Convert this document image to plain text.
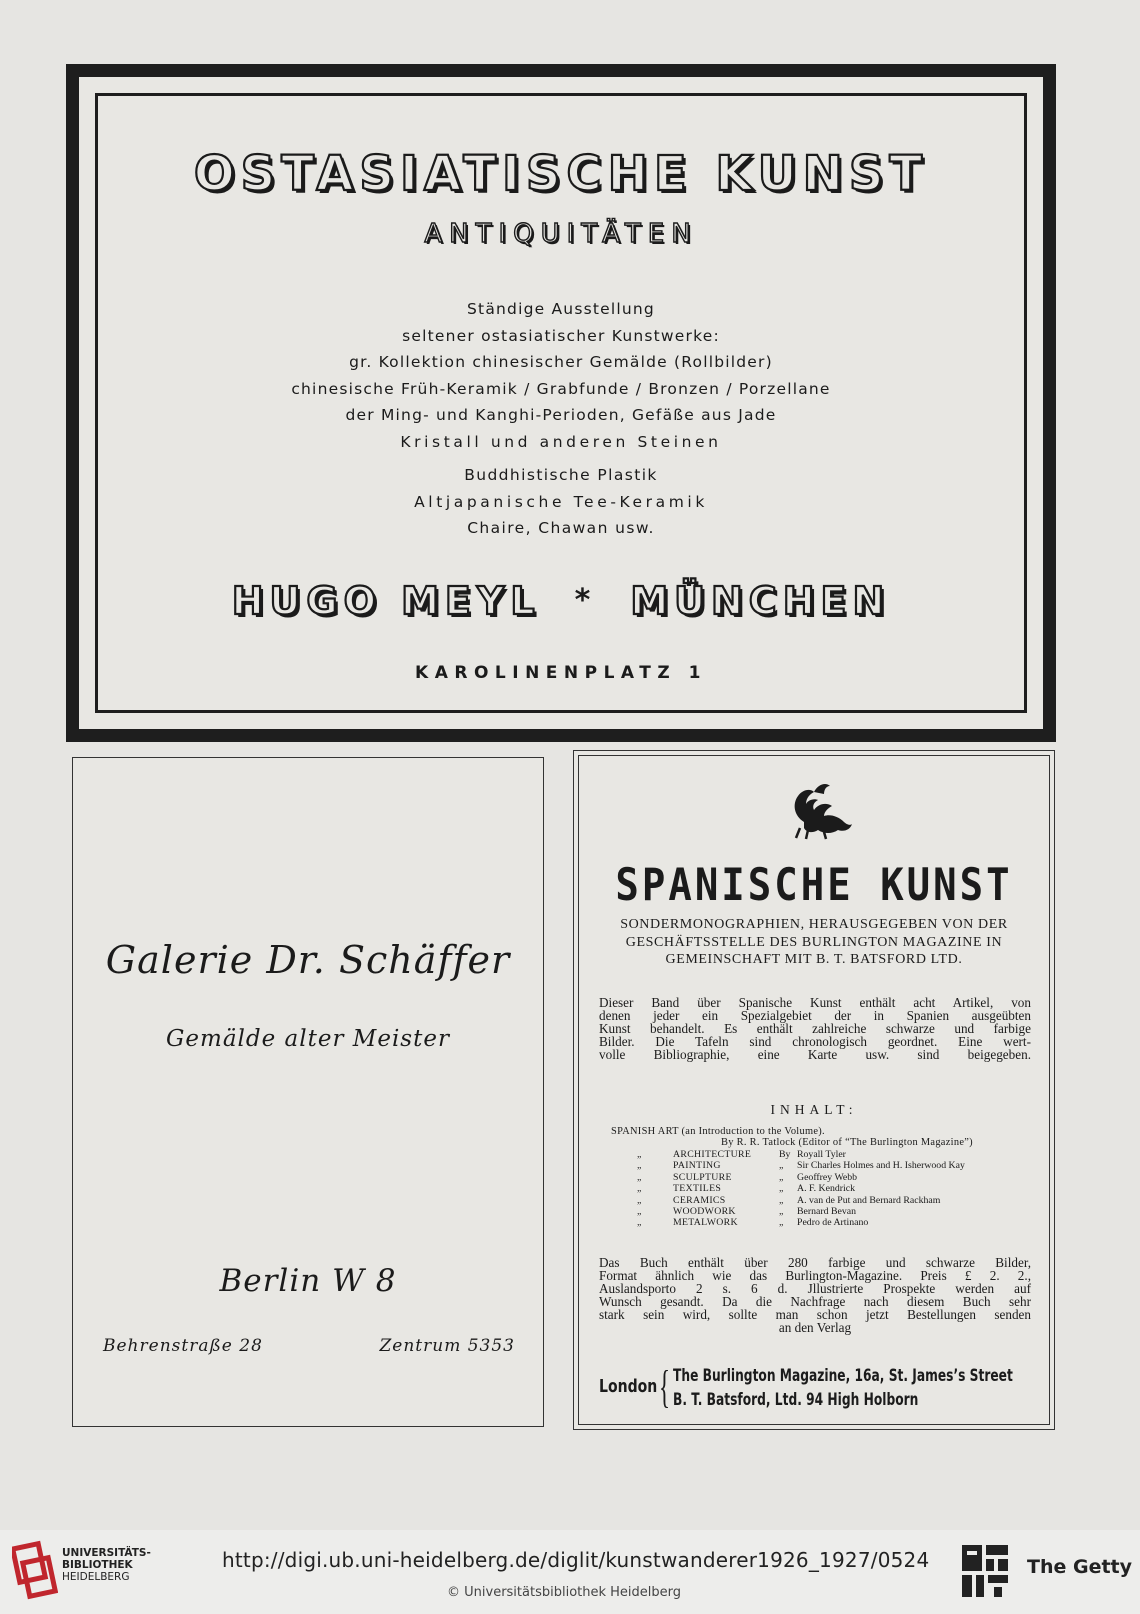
OSTASIATISCHE KUNST
ANTIQUITÄTEN
Ständige Ausstellung
seltener ostasiatischer Kunstwerke:
gr. Kollektion chinesischer Gemälde (Rollbilder)
chinesische Früh-Keramik / Grabfunde / Bronzen / Porzellane
der Ming- und Kanghi-Perioden, Gefäße aus Jade
Kristall und anderen Steinen
Buddhistische Plastik
Altjapanische Tee-Keramik
Chaire, Chawan usw.
HUGO MEYL * MÜNCHEN
KAROLINENPLATZ 1
Galerie Dr. Schäffer
Gemälde alter Meister
Berlin W 8
Behrenstraße 28	Zentrum 5353
SPANISCHE KUNST
SONDERMONOGRAPHIEN, HERAUSGEGEBEN VON DER
GESCHÄFTSSTELLE DES BURLINGTON MAGAZINE IN
GEMEINSCHAFT MIT B. T. BATSFORD LTD.
Dieser Band über Spanische Kunst enthält acht Artikel, von
denen jeder ein Spezialgebiet der in Spanien ausgeübten
Kunst behandelt. Es enthält zahlreiche schwarze und farbige
Bilder. Die Tafeln sind chronologisch geordnet. Eine wert-
volle Bibliographie, eine Karte usw. sind beigegeben.
INHALT:
SPANISH ART (an Introduction to the Volume).
By R. R. Tatlock (Editor of “The Burlington Magazine”)
„	ARCHITECTURE	By	Royall Tyler
„	PAINTING	„	Sir Charles Holmes and H. Isherwood Kay
„	SCULPTURE	„	Geoffrey Webb
„	TEXTILES	„	A. F. Kendrick
„	CERAMICS	„	A. van de Put and Bernard Rackham
„	WOODWORK	„	Bernard Bevan
„	METALWORK	„	Pedro de Artinano
Das Buch enthält über 280 farbige und schwarze Bilder,
Format ähnlich wie das Burlington-Magazine. Preis £ 2. 2.,
Auslandsporto 2 s. 6 d. Jllustrierte Prospekte werden auf
Wunsch gesandt. Da die Nachfrage nach diesem Buch sehr
stark sein wird, sollte man schon jetzt Bestellungen senden
an den Verlag
London { The Burlington Magazine, 16a, St. James’s Street
B. T. Batsford, Ltd. 94 High Holborn
UNIVERSITÄTS-
BIBLIOTHEK
HEIDELBERG
http://digi.ub.uni-heidelberg.de/diglit/kunstwanderer1926_1927/0524
© Universitätsbibliothek Heidelberg
The Getty
